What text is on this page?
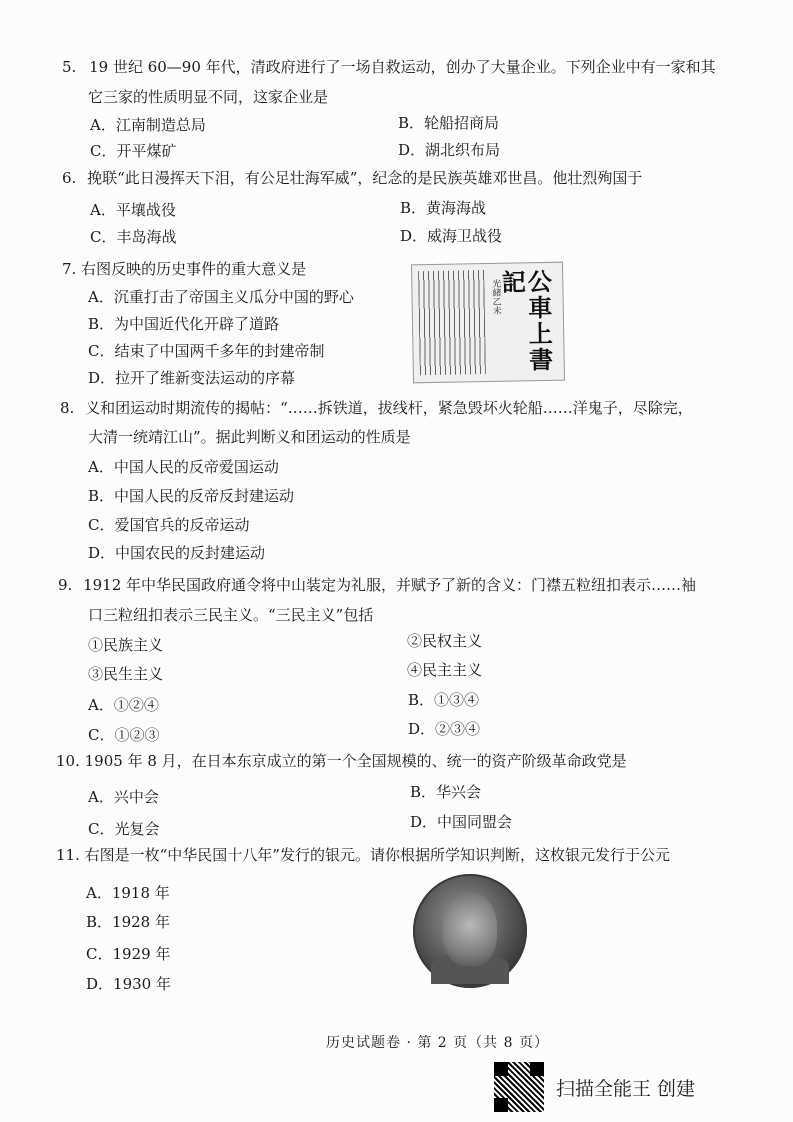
5. 19 世纪 60—90 年代，清政府进行了一场自救运动，创办了大量企业。下列企业中有一家和其
它三家的性质明显不同，这家企业是
A．江南制造总局	B．轮船招商局
C．开平煤矿	D．湖北织布局
6. 挽联“此日漫挥天下泪，有公足壮海军威”，纪念的是民族英雄邓世昌。他壮烈殉国于
A．平壤战役	B．黄海海战
C．丰岛海战	D．威海卫战役
7. 右图反映的历史事件的重大意义是
A．沉重打击了帝国主义瓜分中国的野心
B．为中国近代化开辟了道路
C．结束了中国两千多年的封建帝制
D．拉开了维新变法运动的序幕
光緒乙未 公車上書記
8. 义和团运动时期流传的揭帖：“……拆铁道，拔线杆，紧急毁坏火轮船……洋鬼子，尽除完，
大清一统靖江山”。据此判断义和团运动的性质是
A．中国人民的反帝爱国运动
B．中国人民的反帝反封建运动
C．爱国官兵的反帝运动
D．中国农民的反封建运动
9. 1912 年中华民国政府通令将中山装定为礼服，并赋予了新的含义：门襟五粒纽扣表示……袖
口三粒纽扣表示三民主义。“三民主义”包括
①民族主义	②民权主义
③民生主义	④民主主义
A．①②④	B．①③④
C．①②③	D．②③④
10. 1905 年 8 月，在日本东京成立的第一个全国规模的、统一的资产阶级革命政党是
A．兴中会	B．华兴会
C．光复会	D．中国同盟会
11. 右图是一枚“中华民国十八年”发行的银元。请你根据所学知识判断，这枚银元发行于公元
A．1918 年
B．1928 年
C．1929 年
D．1930 年
历史试题卷 · 第 2 页（共 8 页）
扫描全能王 创建
